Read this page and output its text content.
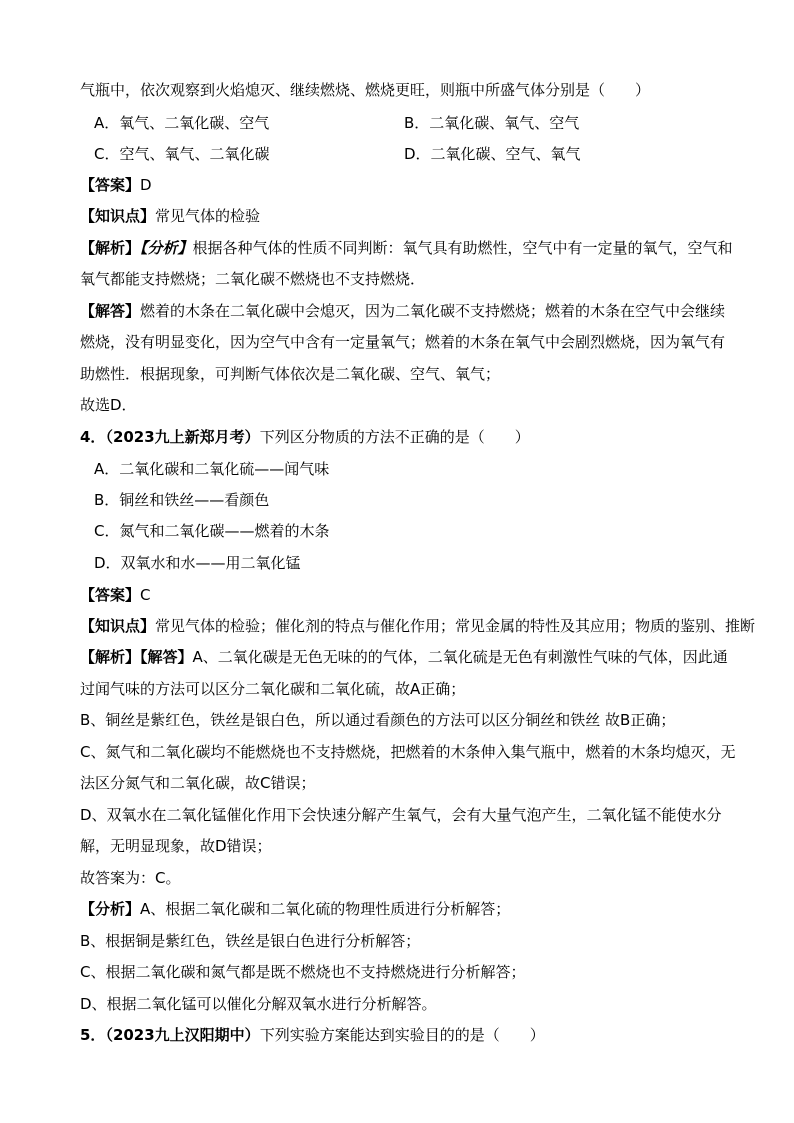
气瓶中，依次观察到火焰熄灭、继续燃烧、燃烧更旺，则瓶中所盛气体分别是（　　）
A．氧气、二氧化碳、空气	B．二氧化碳、氧气、空气
C．空气、氧气、二氧化碳	D．二氧化碳、空气、氧气
【答案】D
【知识点】常见气体的检验
【解析】【分析】根据各种气体的性质不同判断：氧气具有助燃性，空气中有一定量的氧气，空气和
氧气都能支持燃烧；二氧化碳不燃烧也不支持燃烧．
【解答】燃着的木条在二氧化碳中会熄灭，因为二氧化碳不支持燃烧；燃着的木条在空气中会继续
燃烧，没有明显变化，因为空气中含有一定量氧气；燃着的木条在氧气中会剧烈燃烧，因为氧气有
助燃性．根据现象，可判断气体依次是二氧化碳、空气、氧气；
故选D．
4．（2023九上新郑月考）下列区分物质的方法不正确的是（　　）
A．二氧化碳和二氧化硫——闻气味
B．铜丝和铁丝——看颜色
C．氮气和二氧化碳——燃着的木条
D．双氧水和水——用二氧化锰
【答案】C
【知识点】常见气体的检验；催化剂的特点与催化作用；常见金属的特性及其应用；物质的鉴别、推断
【解析】【解答】A、二氧化碳是无色无味的的气体，二氧化硫是无色有刺激性气味的气体，因此通
过闻气味的方法可以区分二氧化碳和二氧化硫，故A正确；
B、铜丝是紫红色，铁丝是银白色，所以通过看颜色的方法可以区分铜丝和铁丝 故B正确；
C、氮气和二氧化碳均不能燃烧也不支持燃烧，把燃着的木条伸入集气瓶中，燃着的木条均熄灭，无
法区分氮气和二氧化碳，故C错误；
D、双氧水在二氧化锰催化作用下会快速分解产生氧气，会有大量气泡产生，二氧化锰不能使水分
解，无明显现象，故D错误；
故答案为：C。
【分析】A、根据二氧化碳和二氧化硫的物理性质进行分析解答；
B、根据铜是紫红色，铁丝是银白色进行分析解答；
C、根据二氧化碳和氮气都是既不燃烧也不支持燃烧进行分析解答；
D、根据二氧化锰可以催化分解双氧水进行分析解答。
5．（2023九上汉阳期中）下列实验方案能达到实验目的的是（　　）
